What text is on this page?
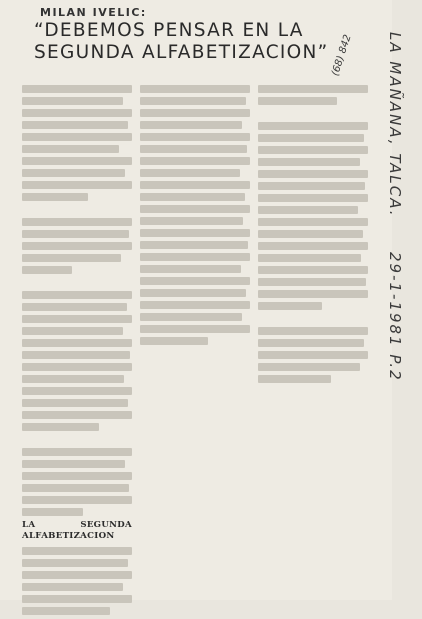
MILAN IVELIC:
“DEBEMOS PENSAR EN LA
SEGUNDA ALFABETIZACION”
LA SEGUNDA ALFABETIZACION
(68) 842 LA MAÑANA, TALCA.
29-1-1981 P.2
